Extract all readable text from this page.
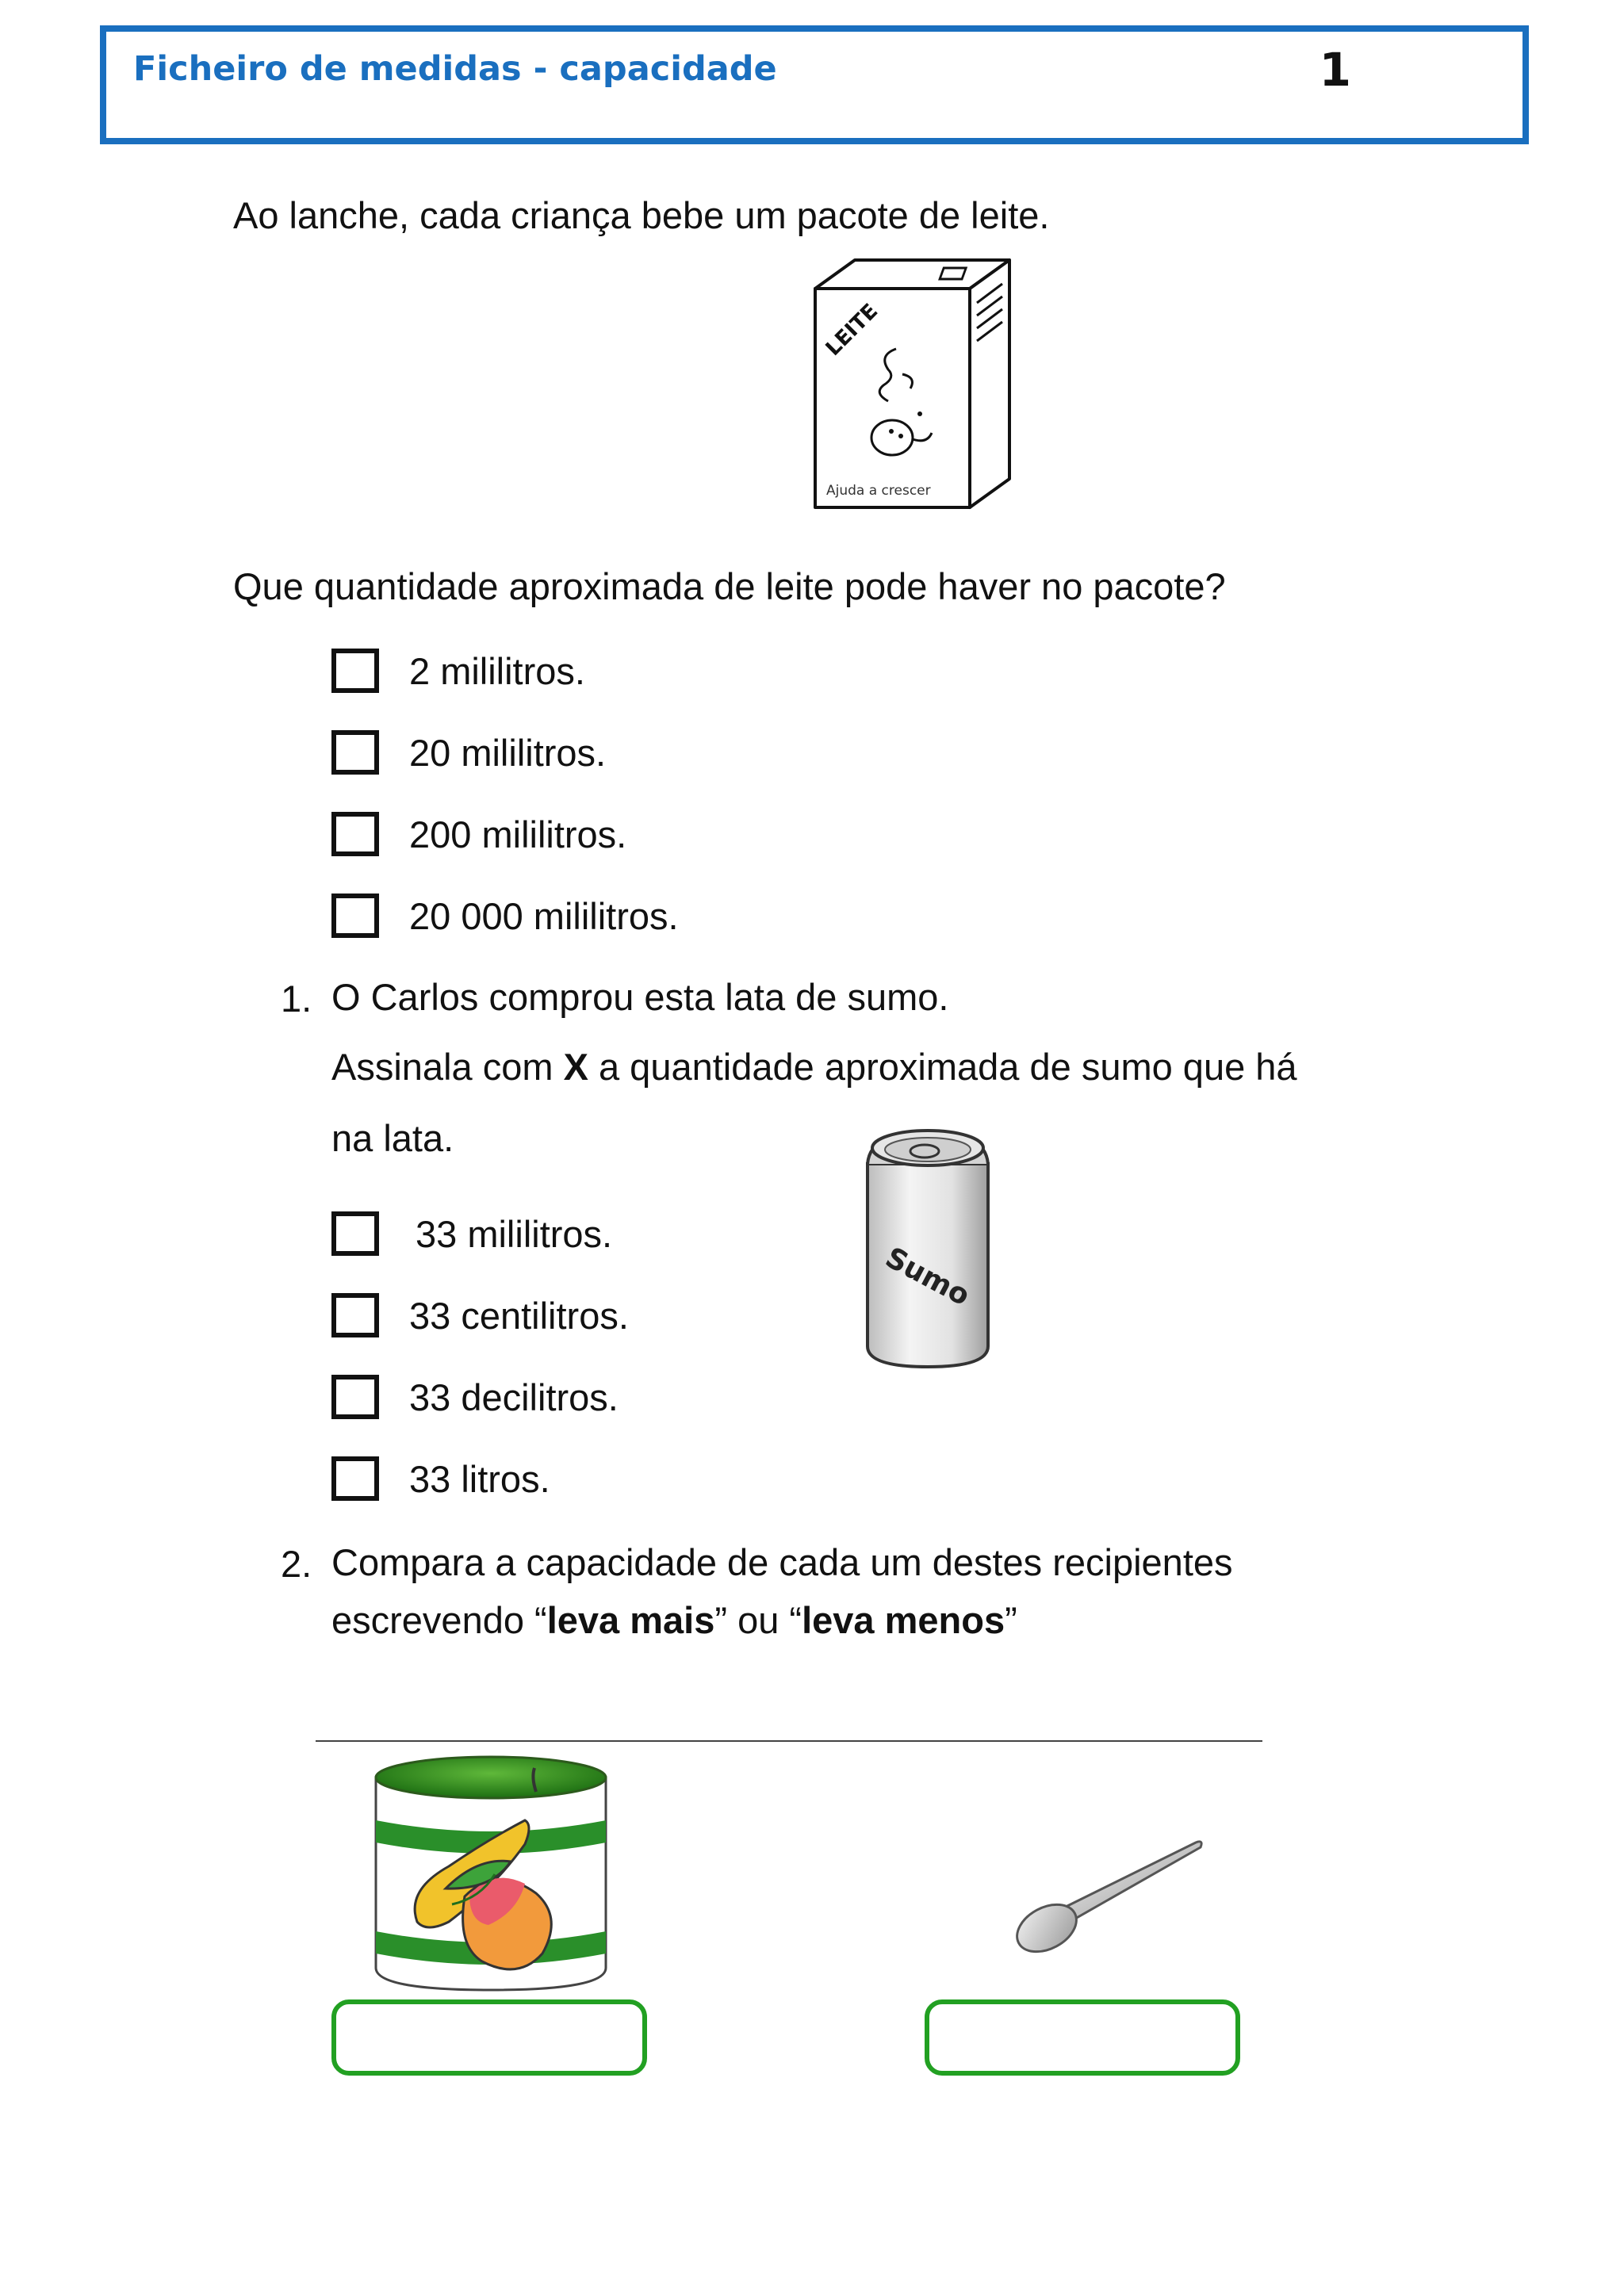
Ficheiro de medidas - capacidade	1
Ao lanche, cada criança bebe um pacote de leite.
LEITE
Ajuda a crescer
Que quantidade aproximada de leite pode haver no pacote?
2 mililitros.
20 mililitros.
200 mililitros.
20 000 mililitros.
1. O Carlos comprou esta lata de sumo.
Assinala com X a quantidade aproximada de sumo que há
na lata.
Sumo
33 mililitros.
33 centilitros.
33 decilitros.
33 litros.
2. Compara a capacidade de cada um destes recipientes
escrevendo “leva mais” ou “leva menos”
